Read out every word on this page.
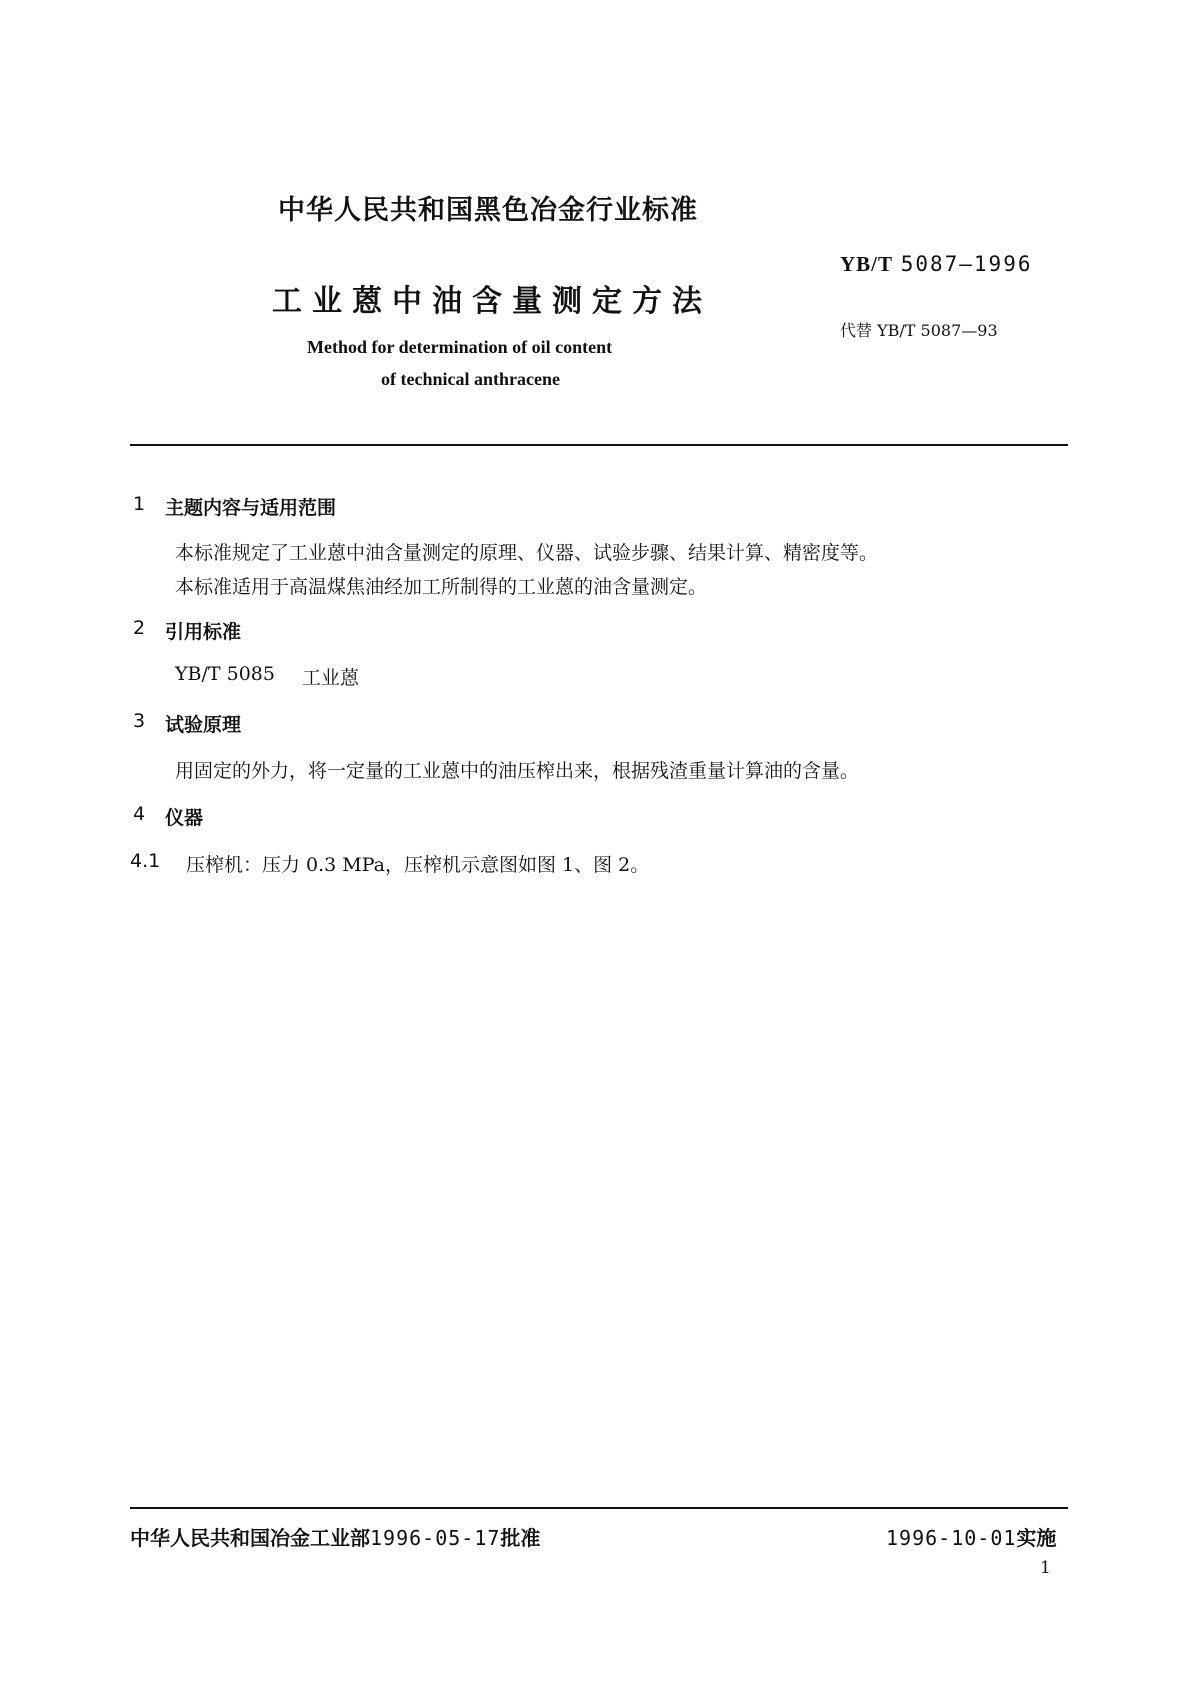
中华人民共和国黑色冶金行业标准
YB/T 5087—1996
工业蒽中油含量测定方法
代替 YB/T 5087—93
Method for determination of oil content
of technical anthracene
1 主题内容与适用范围
本标准规定了工业蒽中油含量测定的原理、仪器、试验步骤、结果计算、精密度等。
本标准适用于高温煤焦油经加工所制得的工业蒽的油含量测定。
2 引用标准
YB/T 5085 工业蒽
3 试验原理
用固定的外力，将一定量的工业蒽中的油压榨出来，根据残渣重量计算油的含量。
4 仪器
4.1 压榨机：压力 0.3 MPa，压榨机示意图如图 1、图 2。
中华人民共和国冶金工业部1996-05-17批准	1996-10-01实施
1
